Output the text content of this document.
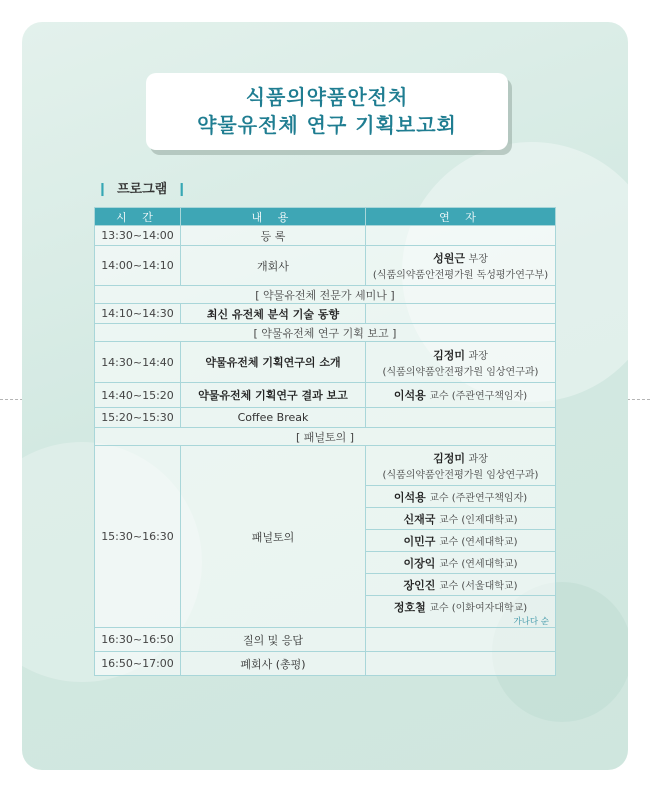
식품의약품안전처
약물유전체 연구 기획보고회
❙ 프로그램 ❙
시 간	내 용	연 자
13:30~14:00	등 록	
14:00~14:10	개회사	성원근 부장
(식품의약품안전평가원 독성평가연구부)

[ 약물유전체 전문가 세미나 ]		
14:10~14:30	최신 유전체 분석 기술 동향	
[ 약물유전체 연구 기획 보고 ]		
14:30~14:40	약물유전체 기획연구의 소개	김정미 과장
(식품의약품안전평가원 임상연구과)

14:40~15:20	약물유전체 기획연구 결과 보고	이석용 교수 (주관연구책임자)
15:20~15:30	Coffee Break	
[ 패널토의 ]		
15:30~16:30	패널토의	김정미 과장
(식품의약품안전평가원 임상연구과)

		이석용 교수 (주관연구책임자)
		신재국 교수 (인제대학교)
		이민구 교수 (연세대학교)
		이장익 교수 (연세대학교)
		장인진 교수 (서울대학교)

		정호철 교수 (이화여자대학교)
가나다 순

16:30~16:50	질의 및 응답	
16:50~17:00	폐회사 (총평)	
